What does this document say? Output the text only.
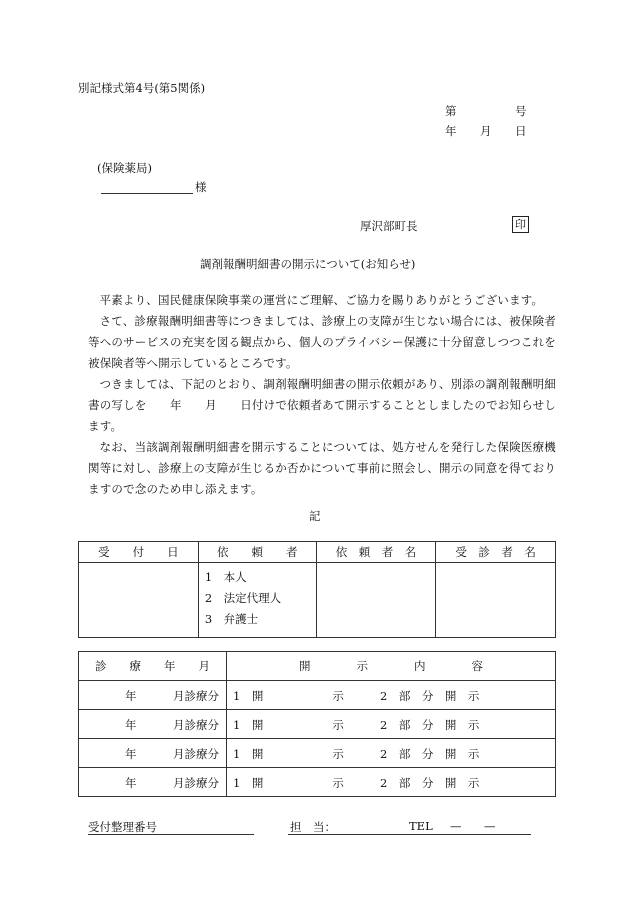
別記様式第4号(第5関係)
第	号
年 月 日
(保険薬局)
様
厚沢部町長	印
調剤報酬明細書の開示について(お知らせ)

平素より、国民健康保険事業の運営にご理解、ご協力を賜りありがとうございます。

さて、診療報酬明細書等につきましては、診療上の支障が生じない場合には、被保険者等へのサービスの充実を図る観点から、個人のプライバシー保護に十分留意しつつこれを被保険者等へ開示しているところです。

つきましては、下記のとおり、調剤報酬明細書の開示依頼があり、別添の調剤報酬明細書の写しを　　年　　月　　日付けで依頼者あて開示することとしましたのでお知らせします。

なお、当該調剤報酬明細書を開示することについては、処方せんを発行した保険医療機関等に対し、診療上の支障が生じるか否かについて事前に照会し、開示の同意を得ておりますので念のため申し添えます。

記
受　　付　　日	依　　頼　　者	依　頼　者　名	受　診　者　名

	1　本人
2　法定代理人
3　弁護士		

診　　療　　年　　月	開　　　　示　　　　内　　　　容

年 月診療分	1　開　　　　　　示 2　部　分　開　示

年 月診療分	1　開　　　　　　示 2　部　分　開　示

年 月診療分	1　開　　　　　　示 2　部　分　開　示

年 月診療分	1　開　　　　　　示 2　部　分　開　示
受付整理番号	担　当：	TEL — —
